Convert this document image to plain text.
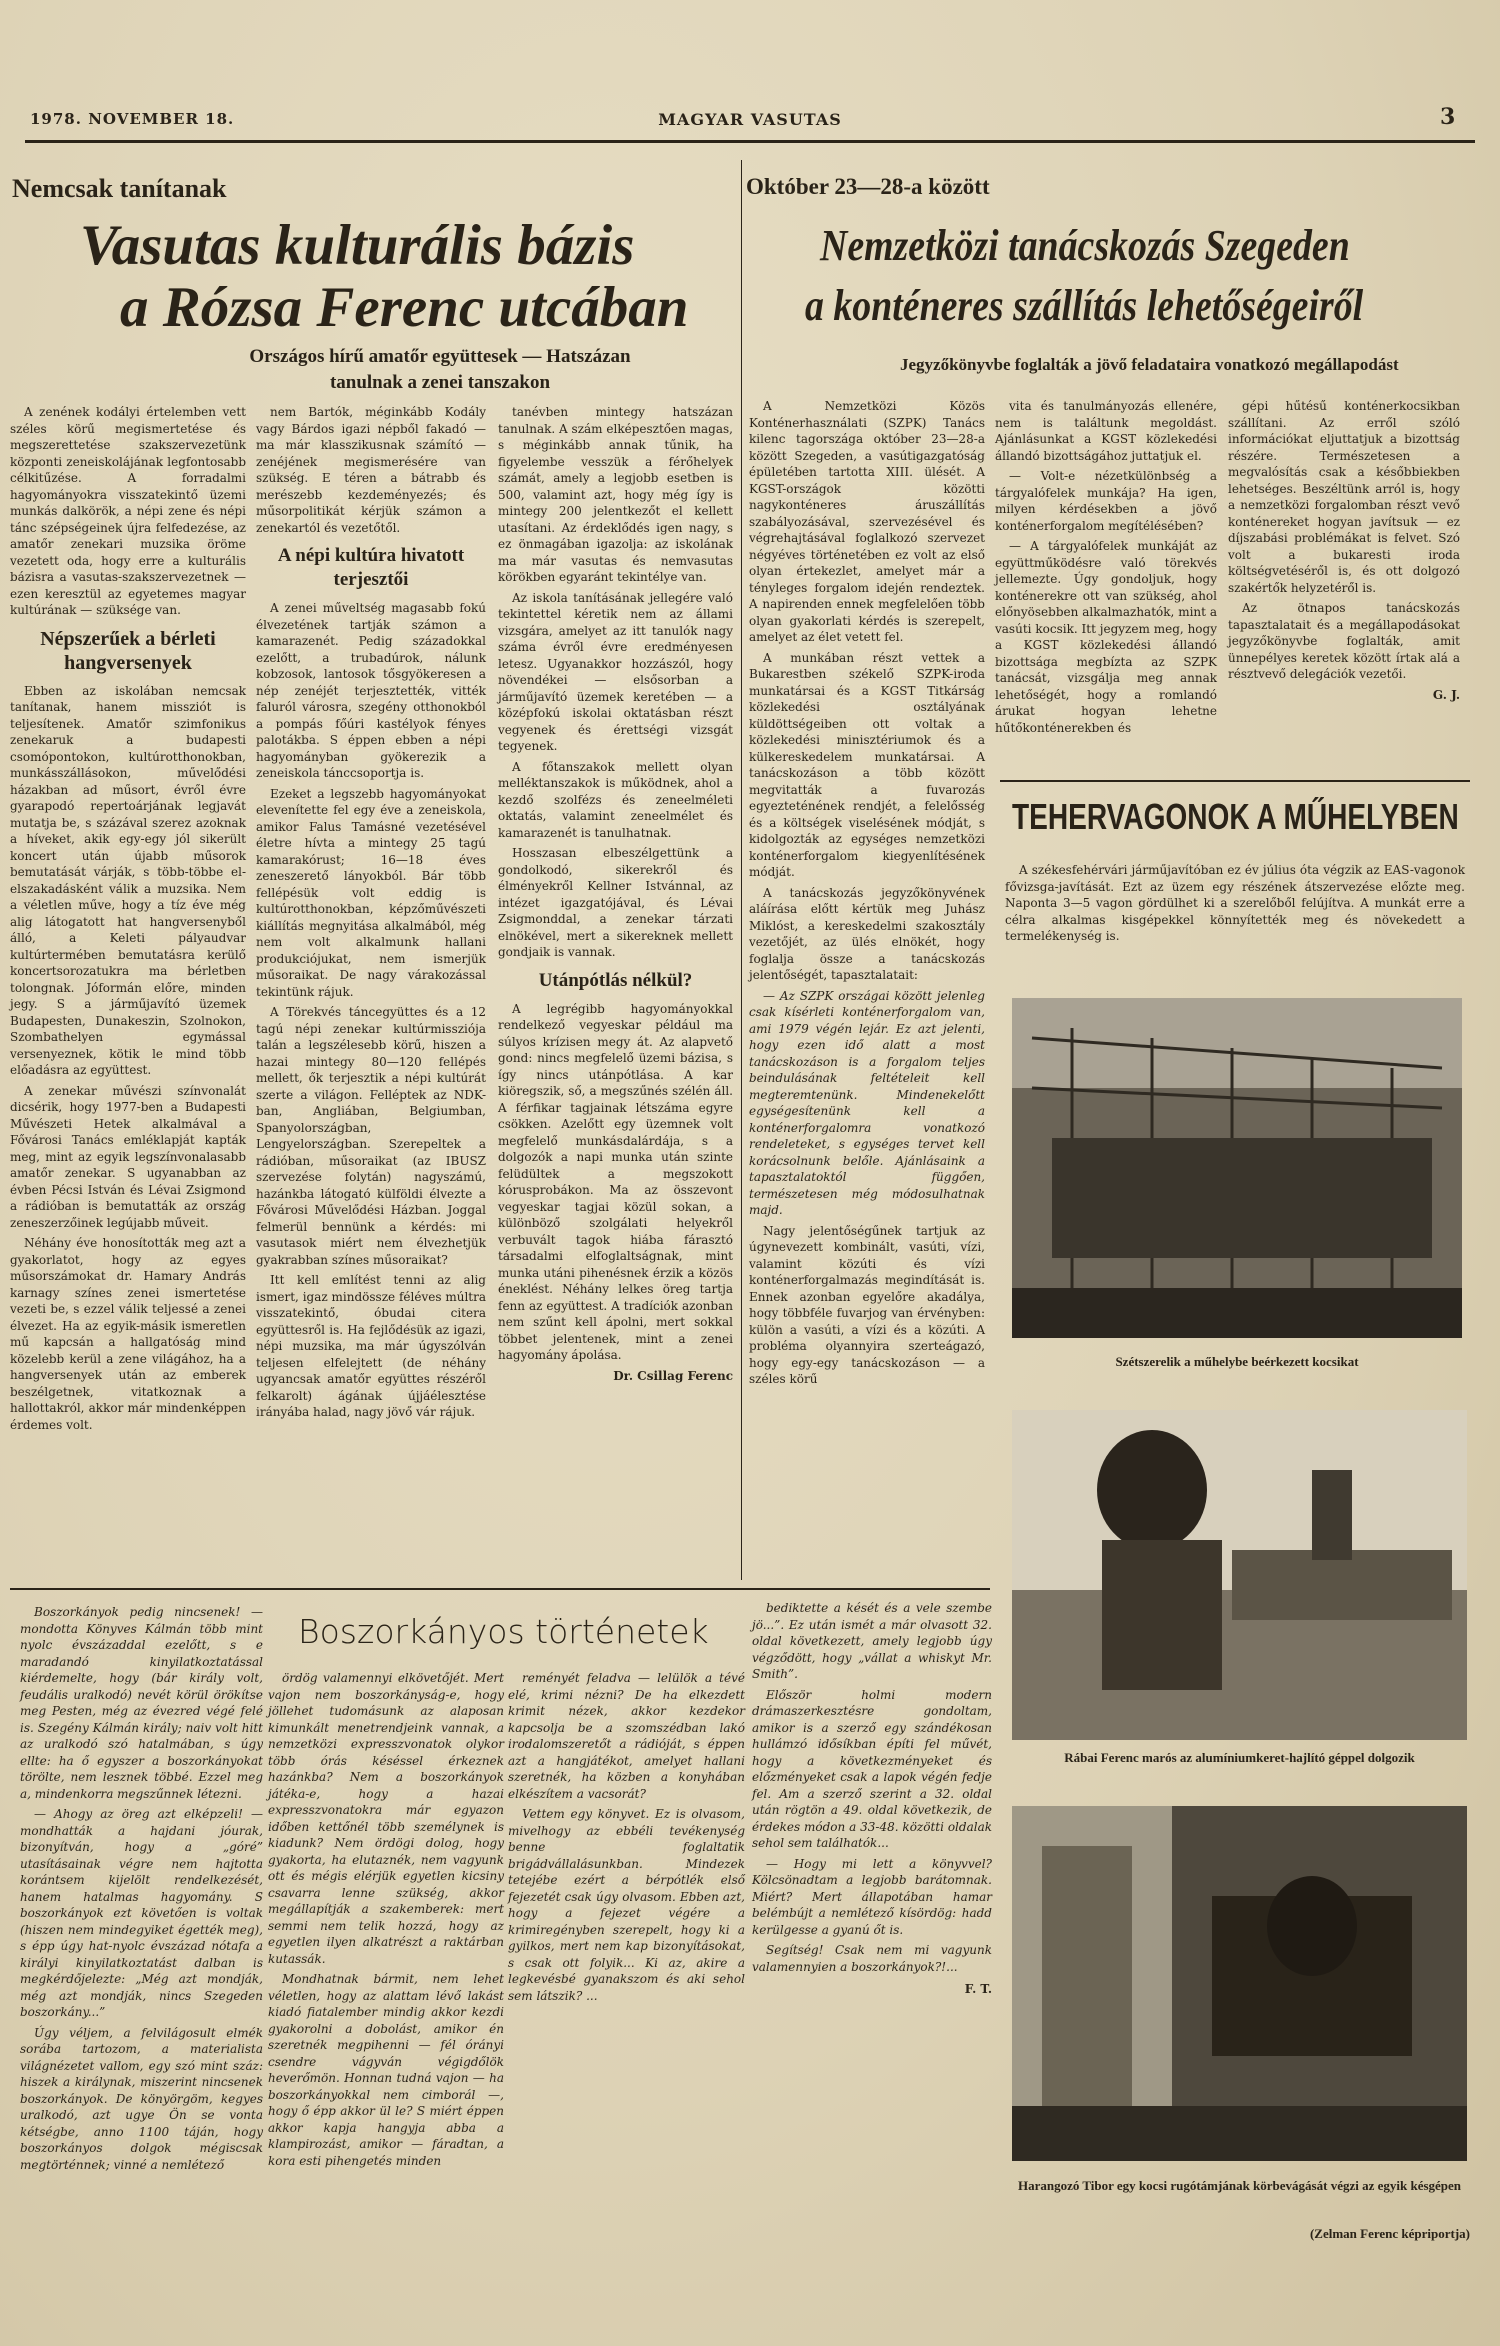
1978. NOVEMBER 18.	MAGYAR VASUTAS	3
Nemcsak tanítanak
Vasutas kulturális bázis
a Rózsa Ferenc utcában
Országos hírű amatőr együttesek — Hatszázan tanulnak a zenei tanszakon

A zenének kodályi értelemben vett széles körű megismertetése és megszerettetése szakszervezetünk központi zeneiskolájának legfontosabb célkitűzése. A forradalmi hagyományokra visszatekintő üzemi munkás dalkörök, a népi zene és népi tánc szépségeinek újra felfedezése, az amatőr zenekari muzsika öröme vezetett oda, hogy erre a kulturális bázisra a vasutas-szakszervezetnek — ezen keresztül az egyetemes magyar kultúrának — szüksége van.

Népszerűek a bérleti hangversenyek

Ebben az iskolában nemcsak tanítanak, hanem missziót is teljesítenek. Amatőr szimfonikus zenekaruk a budapesti csomópontokon, kultúrotthonokban, munkásszállásokon, művelődési házakban ad műsort, évről évre gyarapodó repertoárjának legjavát mutatja be, s százával szerez azoknak a híveket, akik egy-egy jól sikerült koncert után újabb műsorok bemutatását várják, s több-többe el-elszakadásként válik a muzsika. Nem a véletlen műve, hogy a tíz éve még alig látogatott hat hangversenyből álló, a Keleti pályaudvar kultúrtermében bemutatásra kerülő koncertsorozatukra ma bérletben tolongnak. Jóformán előre, minden jegy. S a járműjavító üzemek Budapesten, Dunakeszin, Szolnokon, Szombathelyen egymással versenyeznek, kötik le mind több előadásra az együttest.

A zenekar művészi színvonalát dicsérik, hogy 1977-ben a Budapesti Művészeti Hetek alkalmával a Fővárosi Tanács emléklapját kapták meg, mint az egyik legszínvonalasabb amatőr zenekar. S ugyanabban az évben Pécsi István és Lévai Zsigmond a rádióban is bemutatták az ország zeneszerzőinek legújabb műveit.

Néhány éve honosították meg azt a gyakorlatot, hogy az egyes műsorszámokat dr. Hamary András karnagy színes zenei ismertetése vezeti be, s ezzel válik teljessé a zenei élvezet. Ha az egyik-másik ismeretlen mű kapcsán a hallgatóság mind közelebb kerül a zene világához, ha a hangversenyek után az emberek beszélgetnek, vitatkoznak a hallottakról, akkor már mindenképpen érdemes volt.

nem Bartók, méginkább Kodály vagy Bárdos igazi népből fakadó — ma már klasszikusnak számító — zenéjének megismerésére van szükség. E téren a bátrabb és merészebb kezdeményezés; és műsorpolitikát kérjük számon a zenekartól és vezetőtől.

A népi kultúra hivatott terjesztői

A zenei műveltség magasabb fokú élvezetének tartják számon a kamarazenét. Pedig századokkal ezelőtt, a trubadúrok, nálunk kobzosok, lantosok tősgyökeresen a nép zenéjét terjesztették, vitték faluról városra, szegény otthonokból a pompás főúri kastélyok fényes palotákba. S éppen ebben a népi hagyományban gyökerezik a zeneiskola tánccsoportja is.

Ezeket a legszebb hagyományokat elevenítette fel egy éve a zeneiskola, amikor Falus Tamásné vezetésével életre hívta a mintegy 25 tagú kamarakórust; 16—18 éves zeneszerető lányokból. Bár több fellépésük volt eddig is kultúrotthonokban, képzőművészeti kiállítás megnyitása alkalmából, még nem volt alkalmunk hallani produkciójukat, nem ismerjük műsoraikat. De nagy várakozással tekintünk rájuk.

A Törekvés táncegyüttes és a 12 tagú népi zenekar kultúrmissziója talán a legszélesebb körű, hiszen a hazai mintegy 80—120 fellépés mellett, ők terjesztik a népi kultúrát szerte a világon. Felléptek az NDK-ban, Angliában, Belgiumban, Spanyolországban, Lengyelországban. Szerepeltek a rádióban, műsoraikat (az IBUSZ szervezése folytán) nagyszámú, hazánkba látogató külföldi élvezte a Fővárosi Művelődési Házban. Joggal felmerül bennünk a kérdés: mi vasutasok miért nem élvezhetjük gyakrabban színes műsoraikat?

Itt kell említést tenni az alig ismert, igaz mindössze féléves múltra visszatekintő, óbudai citera együttesről is. Ha fejlődésük az igazi, népi muzsika, ma már úgyszólván teljesen elfelejtett (de néhány ugyancsak amatőr együttes részéről felkarolt) ágának újjáélesztése irányába halad, nagy jövő vár rájuk.

tanévben mintegy hatszázan tanulnak. A szám elképesztően magas, s méginkább annak tűnik, ha figyelembe vesszük a férőhelyek számát, amely a legjobb esetben is 500, valamint azt, hogy még így is mintegy 200 jelentkezőt el kellett utasítani. Az érdeklődés igen nagy, s ez önmagában igazolja: az iskolának ma már vasutas és nemvasutas körökben egyaránt tekintélye van.

Az iskola tanításának jellegére való tekintettel kéretik nem az állami vizsgára, amelyet az itt tanulók nagy száma évről évre eredményesen letesz. Ugyanakkor hozzászól, hogy növendékei — elsősorban a járműjavító üzemek keretében — a középfokú iskolai oktatásban részt vegyenek és érettségi vizsgát tegyenek.

A főtanszakok mellett olyan melléktanszakok is működnek, ahol a kezdő szolfézs és zeneelméleti oktatás, valamint zeneelmélet és kamarazenét is tanulhatnak.

Hosszasan elbeszélgettünk a gondolkodó, sikerekről és élményekről Kellner Istvánnal, az intézet igazgatójával, és Lévai Zsigmonddal, a zenekar tárzati elnökével, mert a sikereknek mellett gondjaik is vannak.

Utánpótlás nélkül?

A legrégibb hagyományokkal rendelkező vegyeskar például ma súlyos krízisen megy át. Az alapvető gond: nincs megfelelő üzemi bázisa, s így nincs utánpótlása. A kar kiöregszik, ső, a megszűnés szélén áll. A férfikar tagjainak létszáma egyre csökken. Azelőtt egy üzemnek volt megfelelő munkásdalárdája, s a dolgozók a napi munka után szinte felüdültek a megszokott kórusprobákon. Ma az összevont vegyeskar tagjai közül sokan, a különböző szolgálati helyekről verbuvált tagok hiába fárasztó társadalmi elfoglaltságnak, mint munka utáni pihenésnek érzik a közös éneklést. Néhány lelkes öreg tartja fenn az együttest. A tradíciók azonban nem szűnt kell ápolni, mert sokkal többet jelentenek, mint a zenei hagyomány ápolása.

Dr. Csillag Ferenc
Október 23—28-a között
Nemzetközi tanácskozás Szegeden
a konténeres szállítás lehetőségeiről
Jegyzőkönyvbe foglalták a jövő feladataira vonatkozó megállapodást

A Nemzetközi Közös Konténerhasználati (SZPK) Tanács kilenc tagországa október 23—28-a között Szegeden, a vasútigazgatóság épületében tartotta XIII. ülését. A KGST-országok közötti nagykonténeres áruszállítás szabályozásával, szervezésével és végrehajtásával foglalkozó szervezet négyéves történetében ez volt az első olyan értekezlet, amelyet már a tényleges forgalom idején rendeztek. A napirenden ennek megfelelően több olyan gyakorlati kérdés is szerepelt, amelyet az élet vetett fel.

A munkában részt vettek a Bukarestben székelő SZPK-iroda munkatársai és a KGST Titkárság közlekedési osztályának küldöttségeiben ott voltak a közlekedési minisztériumok és a külkereskedelem munkatársai. A tanácskozáson a több között megvitatták a fuvarozás egyezteténének rendjét, a felelősség és a költségek viselésének módját, s kidolgozták az egységes nemzetközi konténerforgalom kiegyenlítésének módját.

A tanácskozás jegyzőkönyvének aláírása előtt kértük meg Juhász Miklóst, a kereskedelmi szakosztály vezetőjét, az ülés elnökét, hogy foglalja össze a tanácskozás jelentőségét, tapasztalatait:

— Az SZPK országai között jelenleg csak kísérleti konténerforgalom van, ami 1979 végén lejár. Ez azt jelenti, hogy ezen idő alatt a most tanácskozáson is a forgalom teljes beindulásának feltételeit kell megteremtenünk. Mindenekelőtt egységesítenünk kell a konténerforgalomra vonatkozó rendeleteket, s egységes tervet kell korácsolnunk belőle. Ajánlásaink a tapasztalatoktól függően, természetesen még módosulhatnak majd.

Nagy jelentőségűnek tartjuk az úgynevezett kombinált, vasúti, vízi, valamint közúti és vízi konténerforgalmazás megindítását is. Ennek azonban egyelőre akadálya, hogy többféle fuvarjog van érvényben: külön a vasúti, a vízi és a közúti. A probléma olyannyira szerteágazó, hogy egy-egy tanácskozáson — a széles körű

vita és tanulmányozás ellenére, nem is találtunk megoldást. Ajánlásunkat a KGST közlekedési állandó bizottságához juttatjuk el.

— Volt-e nézetkülönbség a tárgyalófelek munkája? Ha igen, milyen kérdésekben a jövő konténerforgalom megítélésében?

— A tárgyalófelek munkáját az együttműködésre való törekvés jellemezte. Úgy gondoljuk, hogy konténerekre ott van szükség, ahol előnyösebben alkalmazhatók, mint a vasúti kocsik. Itt jegyzem meg, hogy a KGST közlekedési állandó bizottsága megbízta az SZPK tanácsát, vizsgálja meg annak lehetőségét, hogy a romlandó árukat hogyan lehetne hűtőkonténerekben és

gépi hűtésű konténerkocsikban szállítani. Az erről szóló információkat eljuttatjuk a bizottság részére. Természetesen a megvalósítás csak a későbbiekben lehetséges. Beszéltünk arról is, hogy a nemzetközi forgalomban részt vevő konténereket hogyan javítsuk — ez díjszabási problémákat is felvet. Szó volt a bukaresti iroda költségvetéséről is, és ott dolgozó szakértők helyzetéről is.

Az ötnapos tanácskozás tapasztalatait és a megállapodásokat jegyzőkönyvbe foglalták, amit ünnepélyes keretek között írtak alá a résztvevő delegációk vezetői.

G. J.
TEHERVAGONOK A MŰHELYBEN
A székesfehérvári járműjavítóban ez év július óta végzik az EAS-vagonok fővizsga-javítását. Ezt az üzem egy részének átszervezése előzte meg. Naponta 3—5 vagon gördülhet ki a szerelőből felújítva. A munkát erre a célra alkalmas kisgépekkel könnyítették meg és növekedett a termelékenység is.
Szétszerelik a műhelybe beérkezett kocsikat
Rábai Ferenc marós az alumíniumkeret-hajlító géppel dolgozik
Harangozó Tibor egy kocsi rugótámjának körbevágását végzi az egyik késgépen
(Zelman Ferenc képriportja)
Boszorkányos történetek

Boszorkányok pedig nincsenek! — mondotta Könyves Kálmán több mint nyolc évszázaddal ezelőtt, s e maradandó kinyilatkoztatással kiérdemelte, hogy (bár király volt, feudális uralkodó) nevét körül örökítse meg Pesten, még az évezred végé felé is. Szegény Kálmán király; naiv volt hitt az uralkodó szó hatalmában, s úgy ellte: ha ő egyszer a boszorkányokat törölte, nem lesznek többé. Ezzel meg a, mindenkorra megszűnnek létezni.

— Ahogy az öreg azt elképzeli! — mondhatták a hajdani jóurak, bizonyítván, hogy a „góré” utasításainak végre nem hajtotta korántsem kijelölt rendelkezését, hanem hatalmas hagyomány. S boszorkányok ezt követően is voltak (hiszen nem mindegyiket égették meg), s épp úgy hat-nyolc évszázad nótafa a királyi kinyilatkoztatást dalban is megkérdőjelezte: „Még azt mondják, még azt mondják, nincs Szegeden boszorkány...”

Úgy véljem, a felvilágosult elmék sorába tartozom, a materialista világnézetet vallom, egy szó mint száz: hiszek a királynak, miszerint nincsenek boszorkányok. De könyörgöm, kegyes uralkodó, azt ugye Ön se vonta kétségbe, anno 1100 táján, hogy boszorkányos dolgok mégiscsak megtörténnek; vinné a nemlétező

ördög valamennyi elkövetőjét. Mert vajon nem boszorkányság-e, hogy jöllehet tudomásunk az alaposan kimunkált menetrendjeink vannak, a nemzetközi expresszvonatok olykor több órás késéssel érkeznek hazánkba? Nem a boszorkányok játéka-e, hogy a hazai expresszvonatokra már egyazon időben kettőnél több személynek is kiadunk? Nem ördögi dolog, hogy gyakorta, ha elutaznék, nem vagyunk ott és mégis elérjük egyetlen kicsiny csavarra lenne szükség, akkor megállapítják a szakemberek: mert semmi nem telik hozzá, hogy az egyetlen ilyen alkatrészt a raktárban kutassák.

Mondhatnak bármit, nem lehet véletlen, hogy az alattam lévő lakást kiadó fiatalember mindig akkor kezdi gyakorolni a dobolást, amikor én szeretnék megpihenni — fél órányi csendre vágyván végigdőlök heverőmön. Honnan tudná vajon — ha boszorkányokkal nem cimborál —, hogy ő épp akkor ül le? S miért éppen akkor kapja hangyja abba a klampirozást, amikor — fáradtan, a kora esti pihengetés minden

reményét feladva — lelülök a tévé elé, krimi nézni? De ha elkezdett krimit nézek, akkor kezdekor kapcsolja be a szomszédban lakó irodalomszeretőt a rádióját, s éppen azt a hangjátékot, amelyet hallani szeretnék, ha közben a konyhában elkészítem a vacsorát?

Vettem egy könyvet. Ez is olvasom, mivelhogy az ebbéli tevékenység benne foglaltatik brigádvállalásunkban. Mindezek tetejébe ezért a bérpótlék első fejezetét csak úgy olvasom. Ebben azt, hogy a fejezet végére a krimiregényben szerepelt, hogy ki a gyilkos, mert nem kap bizonyításokat, s csak ott folyik... Ki az, akire a legkevésbé gyanakszom és aki sehol sem látszik? ...

bediktette a kését és a vele szembe jö...”. Ez után ismét a már olvasott 32. oldal következett, amely legjobb úgy végződött, hogy „vállat a whiskyt Mr. Smith”.

Először holmi modern drámaszerkesztésre gondoltam, amikor is a szerző egy szándékosan hullámzó idősíkban építi fel művét, hogy a következményeket és előzményeket csak a lapok végén fedje fel. Am a szerző szerint a 32. oldal után rögtön a 49. oldal következik, de érdekes módon a 33-48. közötti oldalak sehol sem találhatók...

— Hogy mi lett a könyvvel? Kölcsönadtam a legjobb barátomnak. Miért? Mert állapotában hamar belémbújt a nemlétező kísördög: hadd kerülgesse a gyanú őt is.

Segítség! Csak nem mi vagyunk valamennyien a boszorkányok?!...

F. T.
